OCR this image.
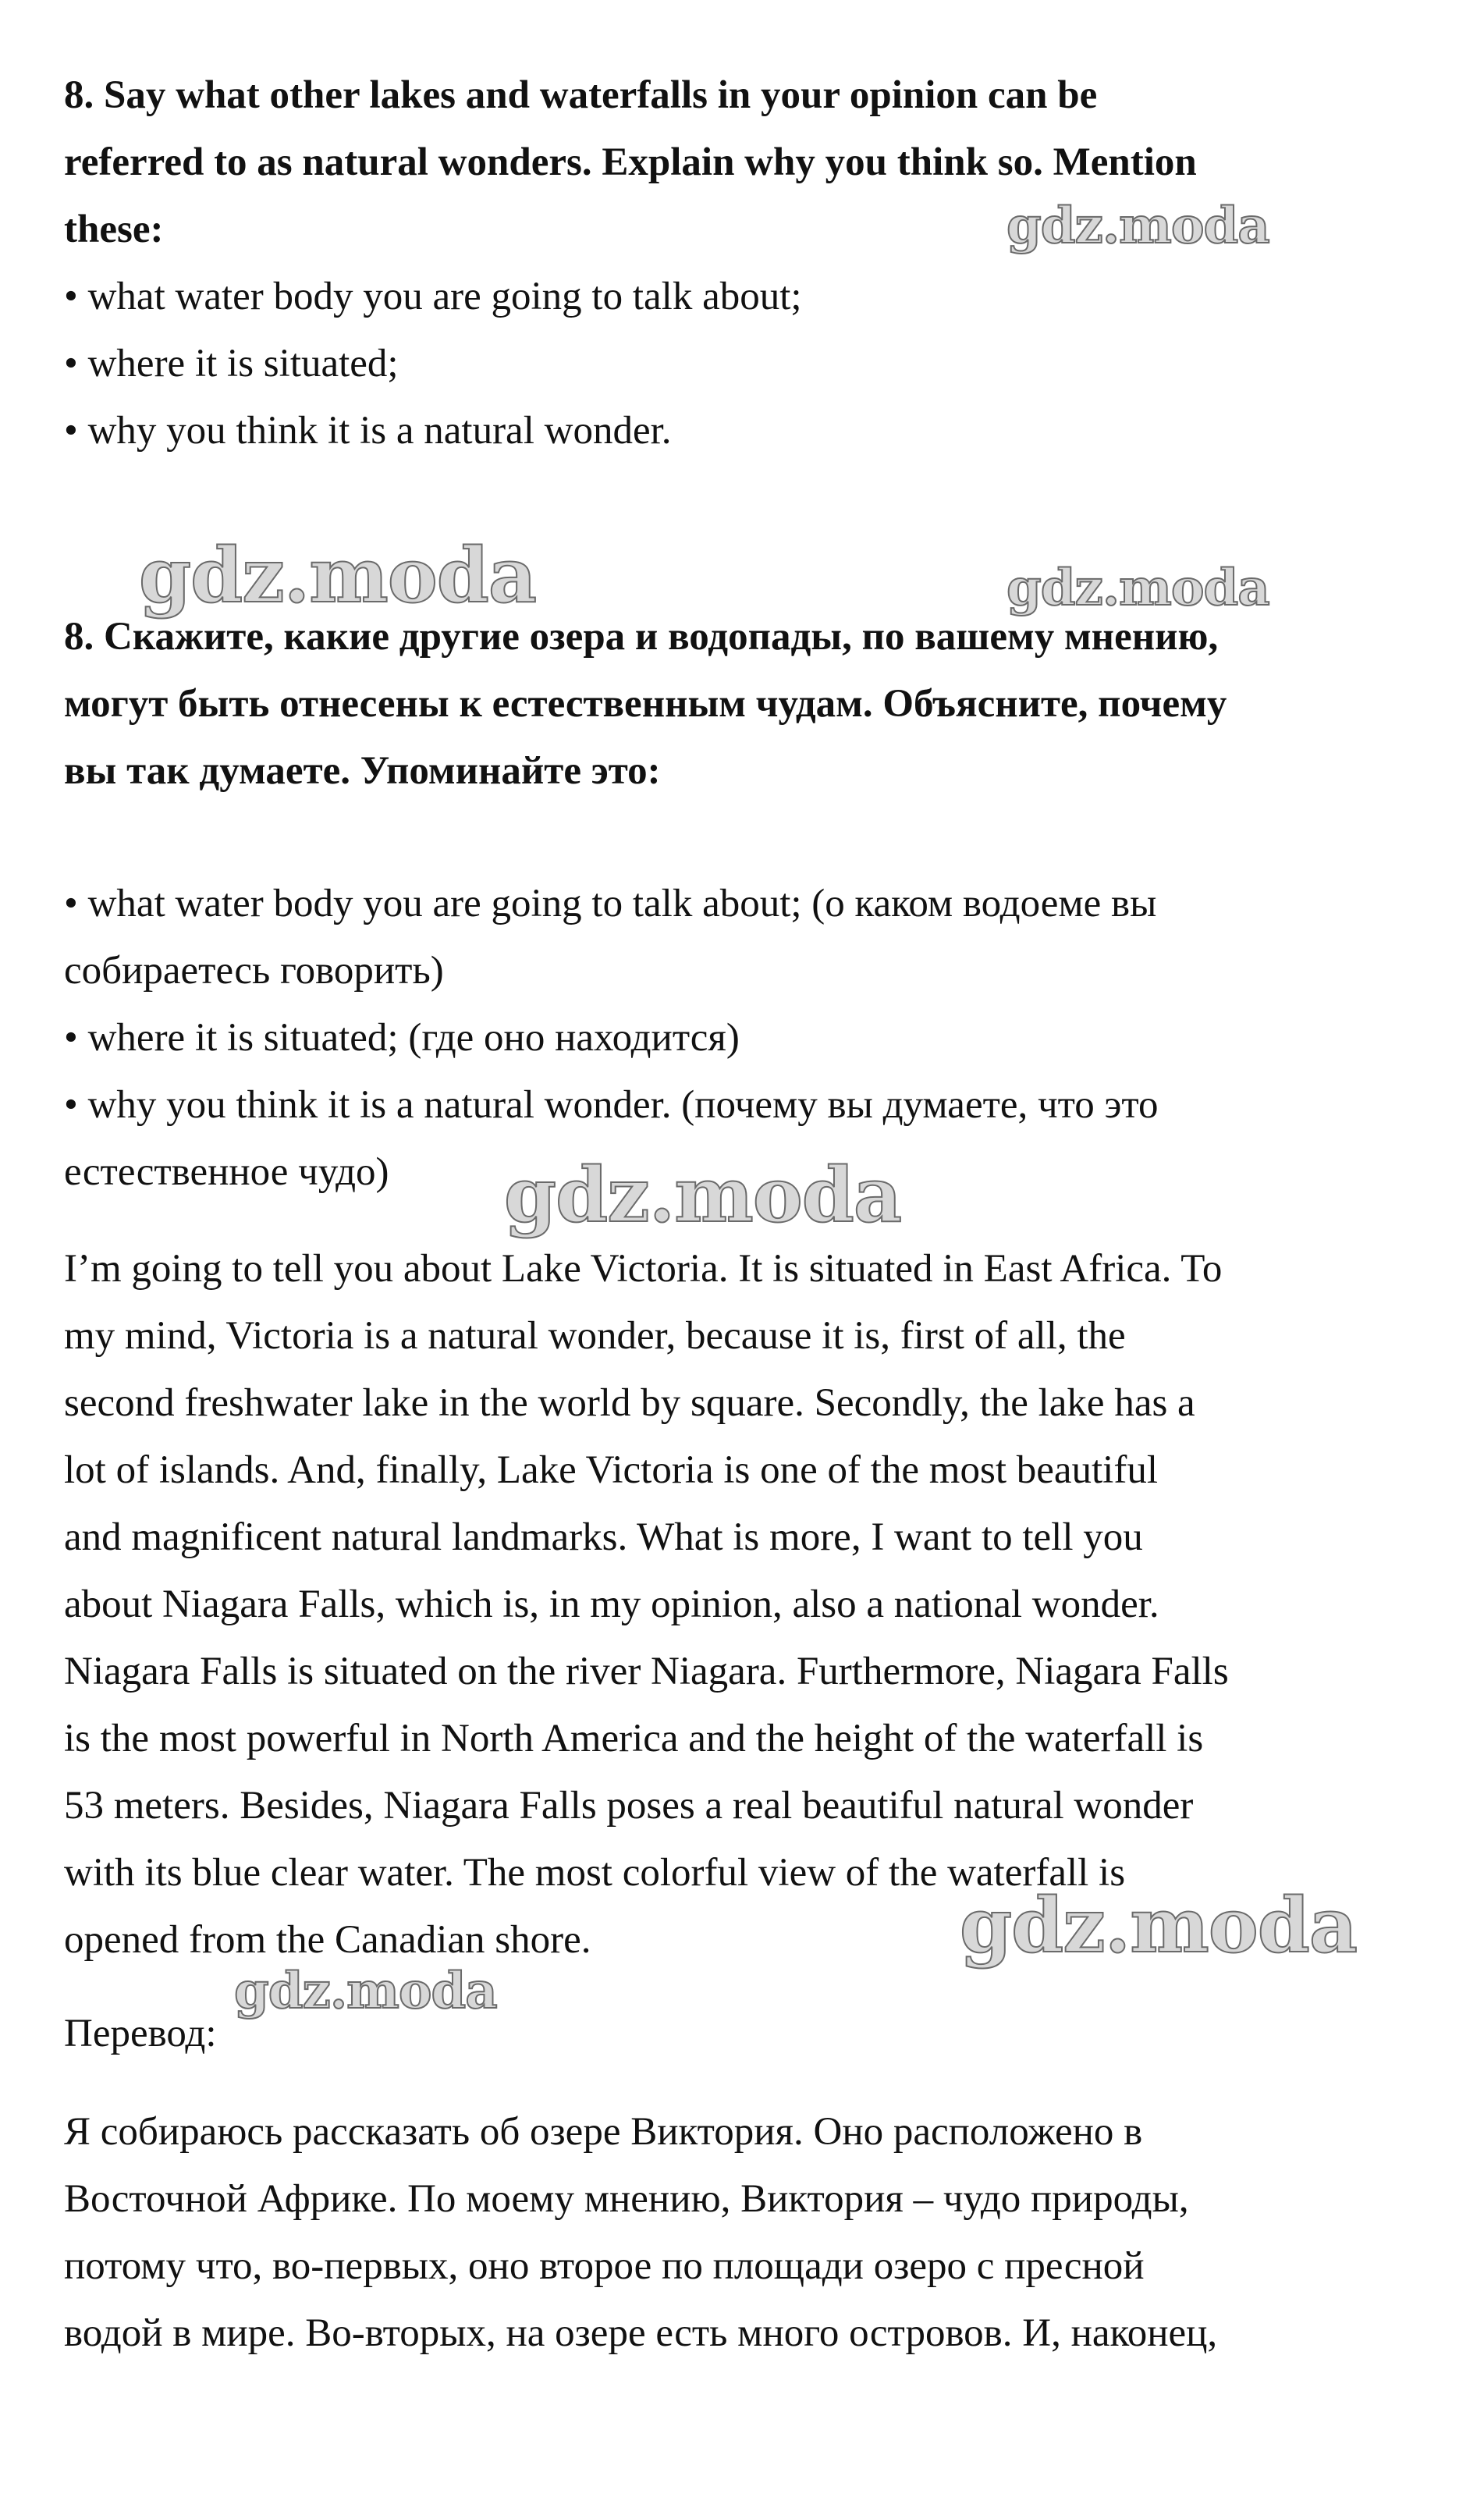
8. Say what other lakes and waterfalls in your opinion can be
referred to as natural wonders. Explain why you think so. Mention
these:
• what water body you are going to talk about;
• where it is situated;
• why you think it is a natural wonder.
8. Скажите, какие другие озера и водопады, по вашему мнению,
могут быть отнесены к естественным чудам. Объясните, почему
вы так думаете. Упоминайте это:
• what water body you are going to talk about; (о каком водоеме вы
собираетесь говорить)
• where it is situated; (где оно находится)
• why you think it is a natural wonder. (почему вы думаете, что это
естественное чудо)
I’m going to tell you about Lake Victoria. It is situated in East Africa. To
my mind, Victoria is a natural wonder, because it is, first of all, the
second freshwater lake in the world by square. Secondly, the lake has a
lot of islands. And, finally, Lake Victoria is one of the most beautiful
and magnificent natural landmarks. What is more, I want to tell you
about Niagara Falls, which is, in my opinion, also a national wonder.
Niagara Falls is situated on the river Niagara. Furthermore, Niagara Falls
is the most powerful in North America and the height of the waterfall is
53 meters. Besides, Niagara Falls poses a real beautiful natural wonder
with its blue clear water. The most colorful view of the waterfall is
opened from the Canadian shore.
Перевод:
Я собираюсь рассказать об озере Виктория. Оно расположено в
Восточной Африке. По моему мнению, Виктория – чудо природы,
потому что, во-первых, оно второе по площади озеро с пресной
водой в мире. Во-вторых, на озере есть много островов. И, наконец,
gdz.moda
gdz.moda	gdz.moda
gdz.moda
gdz.moda
gdz.moda
